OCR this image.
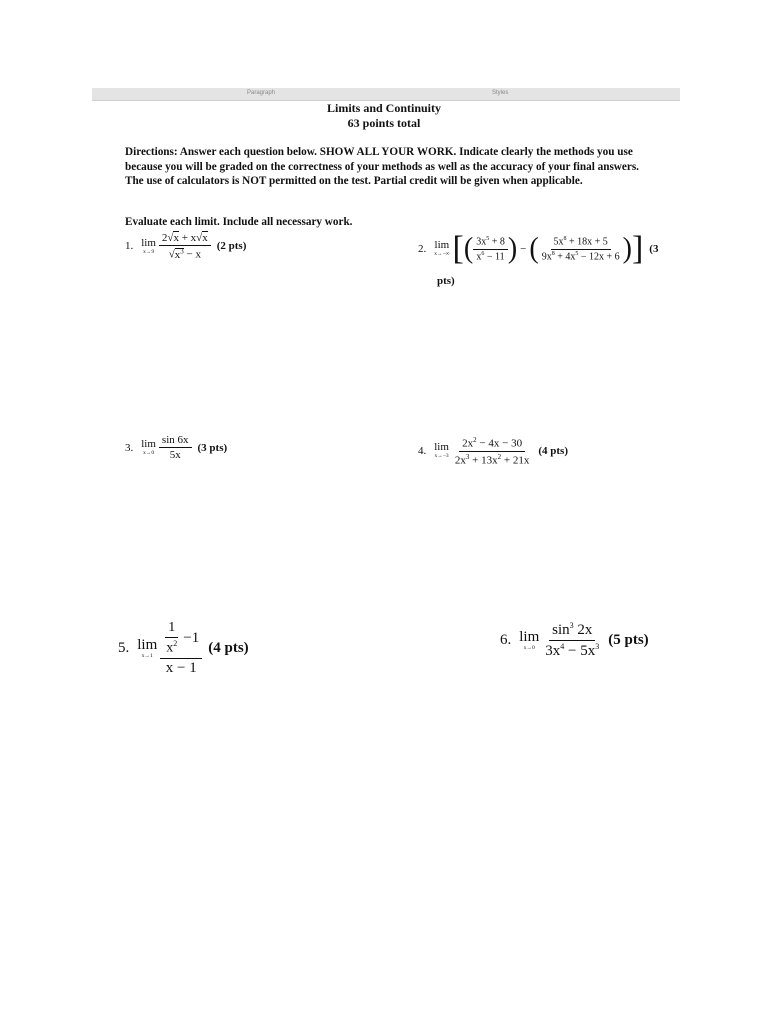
Paragraph	Styles
Limits and Continuity
63 points total
Directions: Answer each question below. SHOW ALL YOUR WORK. Indicate clearly the methods you use because you will be graded on the correctness of your methods as well as the accuracy of your final answers. The use of calculators is NOT permitted on the test. Partial credit will be given when applicable.
Evaluate each limit. Include all necessary work.
1. lim
$x\to 9 \frac{2√x + x√x}{√x^3 - x} (2$ pts)	2. lim
x→−∞ [ ( $\frac{3x^5 + 8}{x^6 - 11}$ ) − ( $\frac{5x^8 + 18x + 5}{9x^8 + 4x^5 - 12x + 6}$ ) ] (3
pts)
3. lim
$x\to 0 \frac{\sin 6x}{5x} (3$ pts)	4. lim
$x\to-3 \frac{2x^2 - 4x - 30}{2x^3 + 13x^2 + 21x} (4$ pts)
5. lim
$x\to 1 \frac{\frac{1}{x^2} -1}{x - 1} (4$ pts)	6. lim
$x\to 0 \frac{\sin^3 2x}{3x^4 - 5x^3} (5$ pts)
